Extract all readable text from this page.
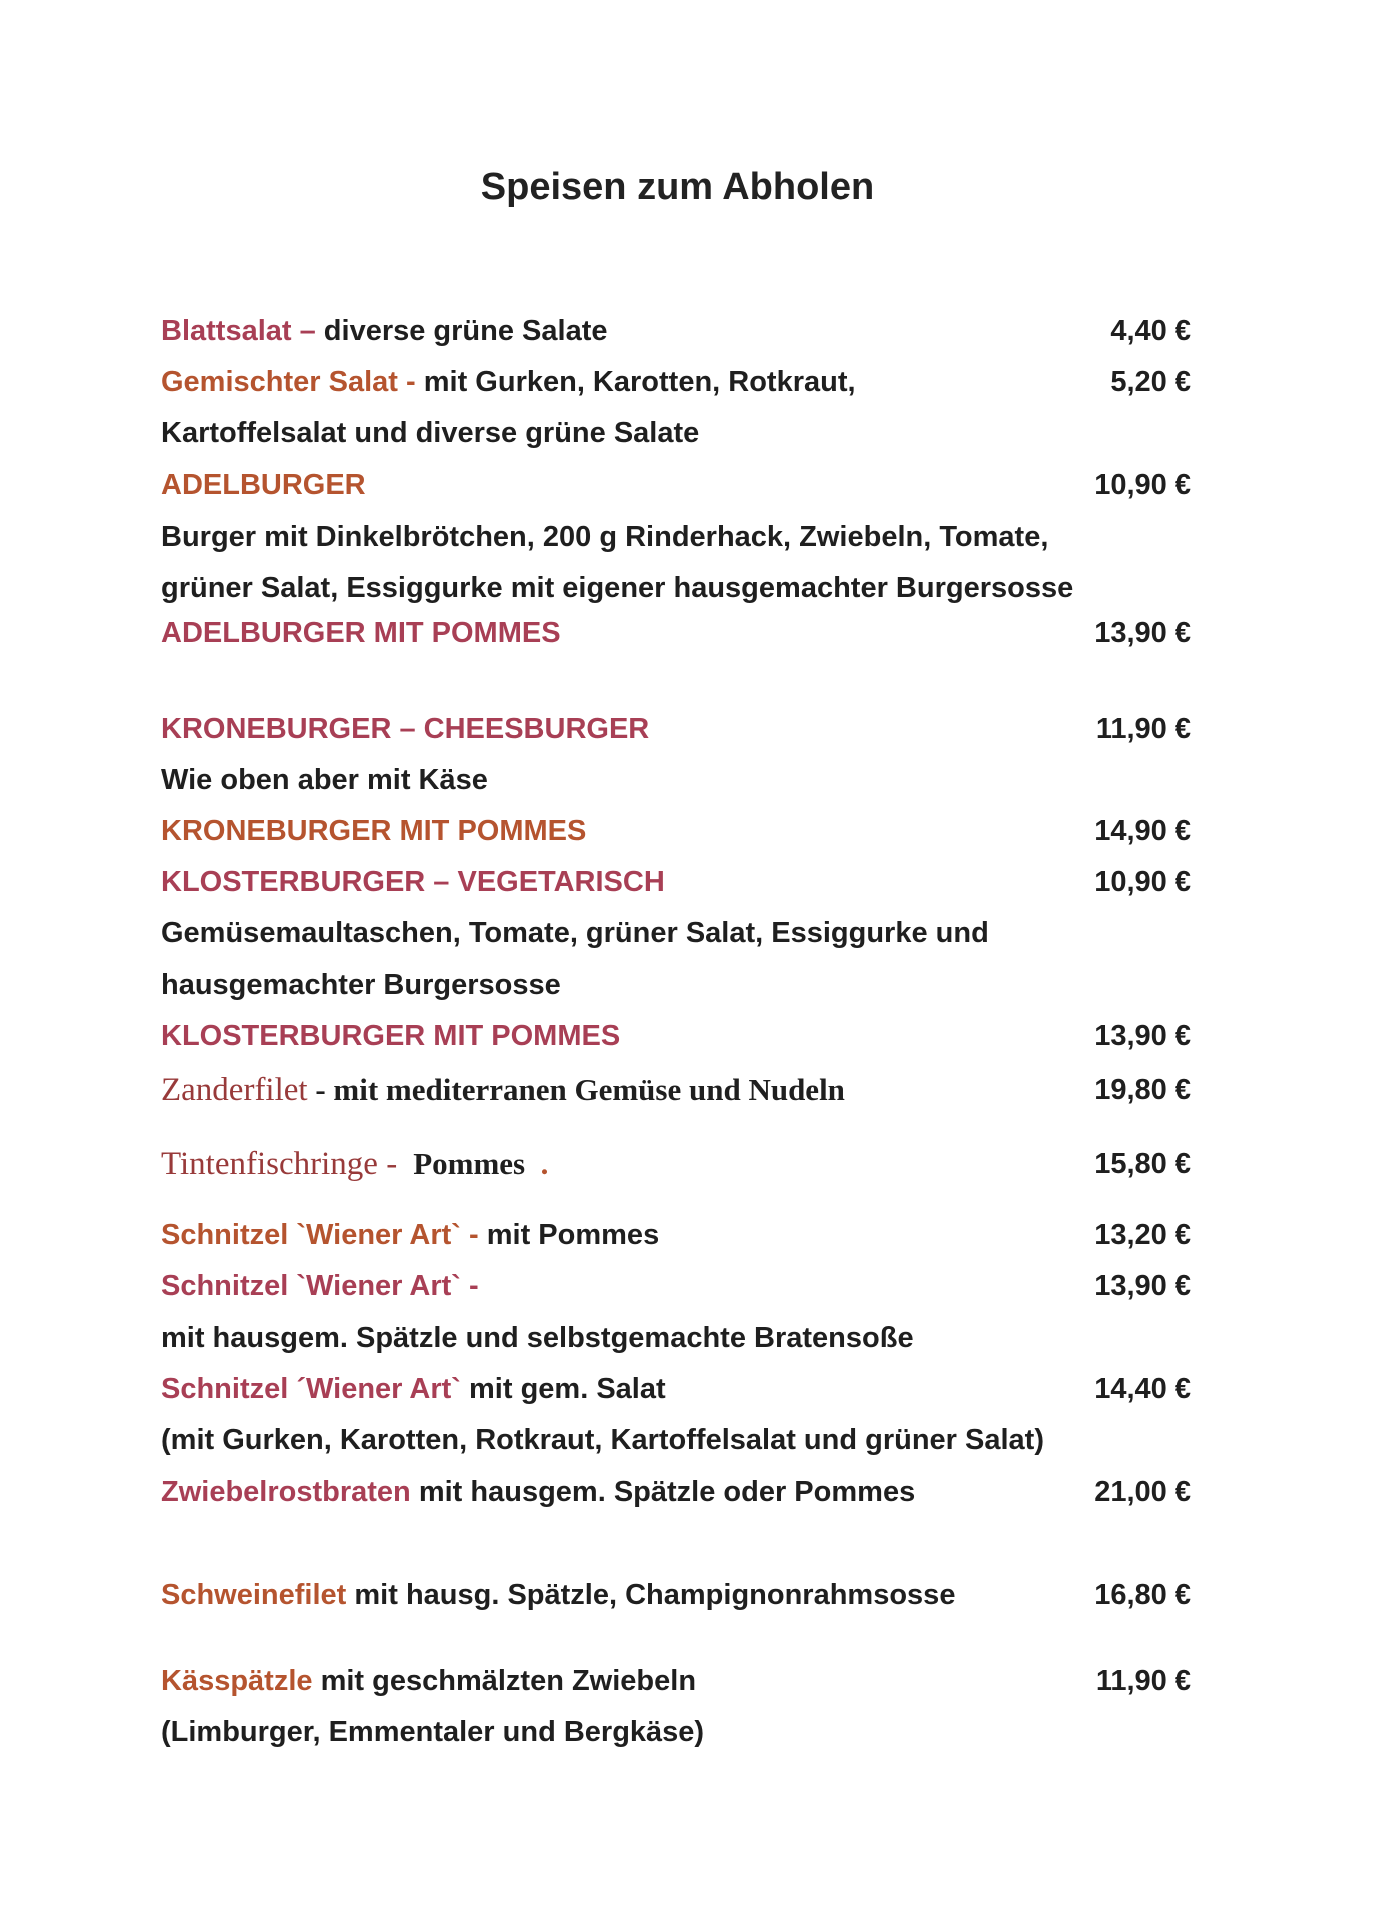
Speisen zum Abholen
Blattsalat – diverse grüne Salate	4,40 €
Gemischter Salat - mit Gurken, Karotten, Rotkraut,	5,20 €
Kartoffelsalat und diverse grüne Salate
ADELBURGER	10,90 €
Burger mit Dinkelbrötchen, 200 g Rinderhack, Zwiebeln, Tomate,
grüner Salat, Essiggurke mit eigener hausgemachter Burgersosse
ADELBURGER MIT POMMES	13,90 €
KRONEBURGER – CHEESBURGER	11,90 €
Wie oben aber mit Käse
KRONEBURGER MIT POMMES	14,90 €
KLOSTERBURGER – VEGETARISCH	10,90 €
Gemüsemaultaschen, Tomate, grüner Salat, Essiggurke und
hausgemachter Burgersosse
KLOSTERBURGER MIT POMMES	13,90 €
Zanderfilet - mit mediterranen Gemüse und Nudeln	19,80 €
Tintenfischringe -  Pommes .	15,80 €
Schnitzel `Wiener Art` - mit Pommes	13,20 €
Schnitzel `Wiener Art` -	13,90 €
mit hausgem. Spätzle und selbstgemachte Bratensoße
Schnitzel ´Wiener Art` mit gem. Salat	14,40 €
(mit Gurken, Karotten, Rotkraut, Kartoffelsalat und grüner Salat)
Zwiebelrostbraten mit hausgem. Spätzle oder Pommes	21,00 €
Schweinefilet mit hausg. Spätzle, Champignonrahmsosse	16,80 €
Kässpätzle mit geschmälzten Zwiebeln	11,90 €
(Limburger, Emmentaler und Bergkäse)
